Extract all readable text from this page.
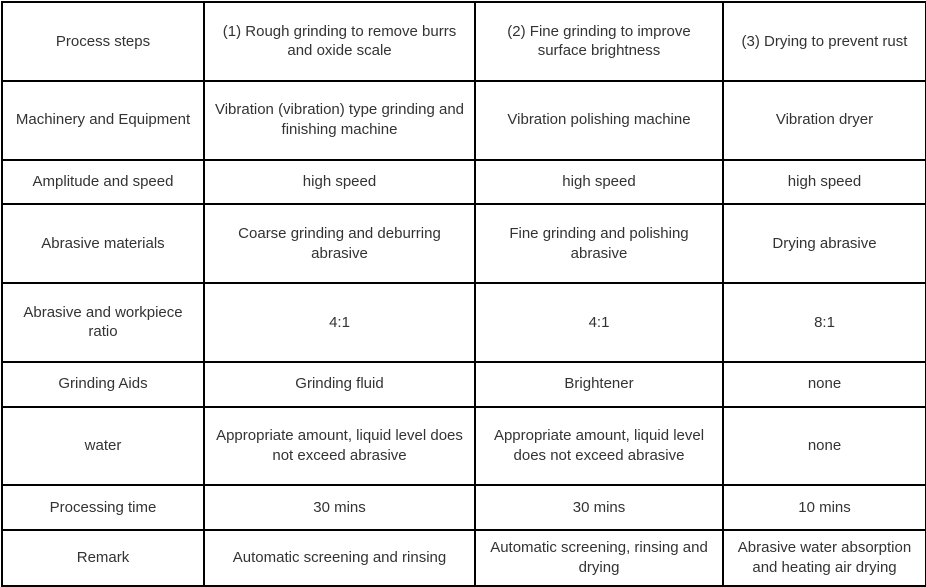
Process steps	(1) Rough grinding to remove burrs and oxide scale	(2) Fine grinding to improve surface brightness	(3) Drying to prevent rust
Machinery and Equipment	Vibration (vibration) type grinding and finishing machine	Vibration polishing machine	Vibration dryer
Amplitude and speed	high speed	high speed	high speed
Abrasive materials	Coarse grinding and deburring abrasive	Fine grinding and polishing abrasive	Drying abrasive
Abrasive and workpiece ratio	4:1	4:1	8:1
Grinding Aids	Grinding fluid	Brightener	none
water	Appropriate amount, liquid level does not exceed abrasive	Appropriate amount, liquid level does not exceed abrasive	none
Processing time	30 mins	30 mins	10 mins
Remark	Automatic screening and rinsing	Automatic screening, rinsing and drying	Abrasive water absorption and heating air drying
